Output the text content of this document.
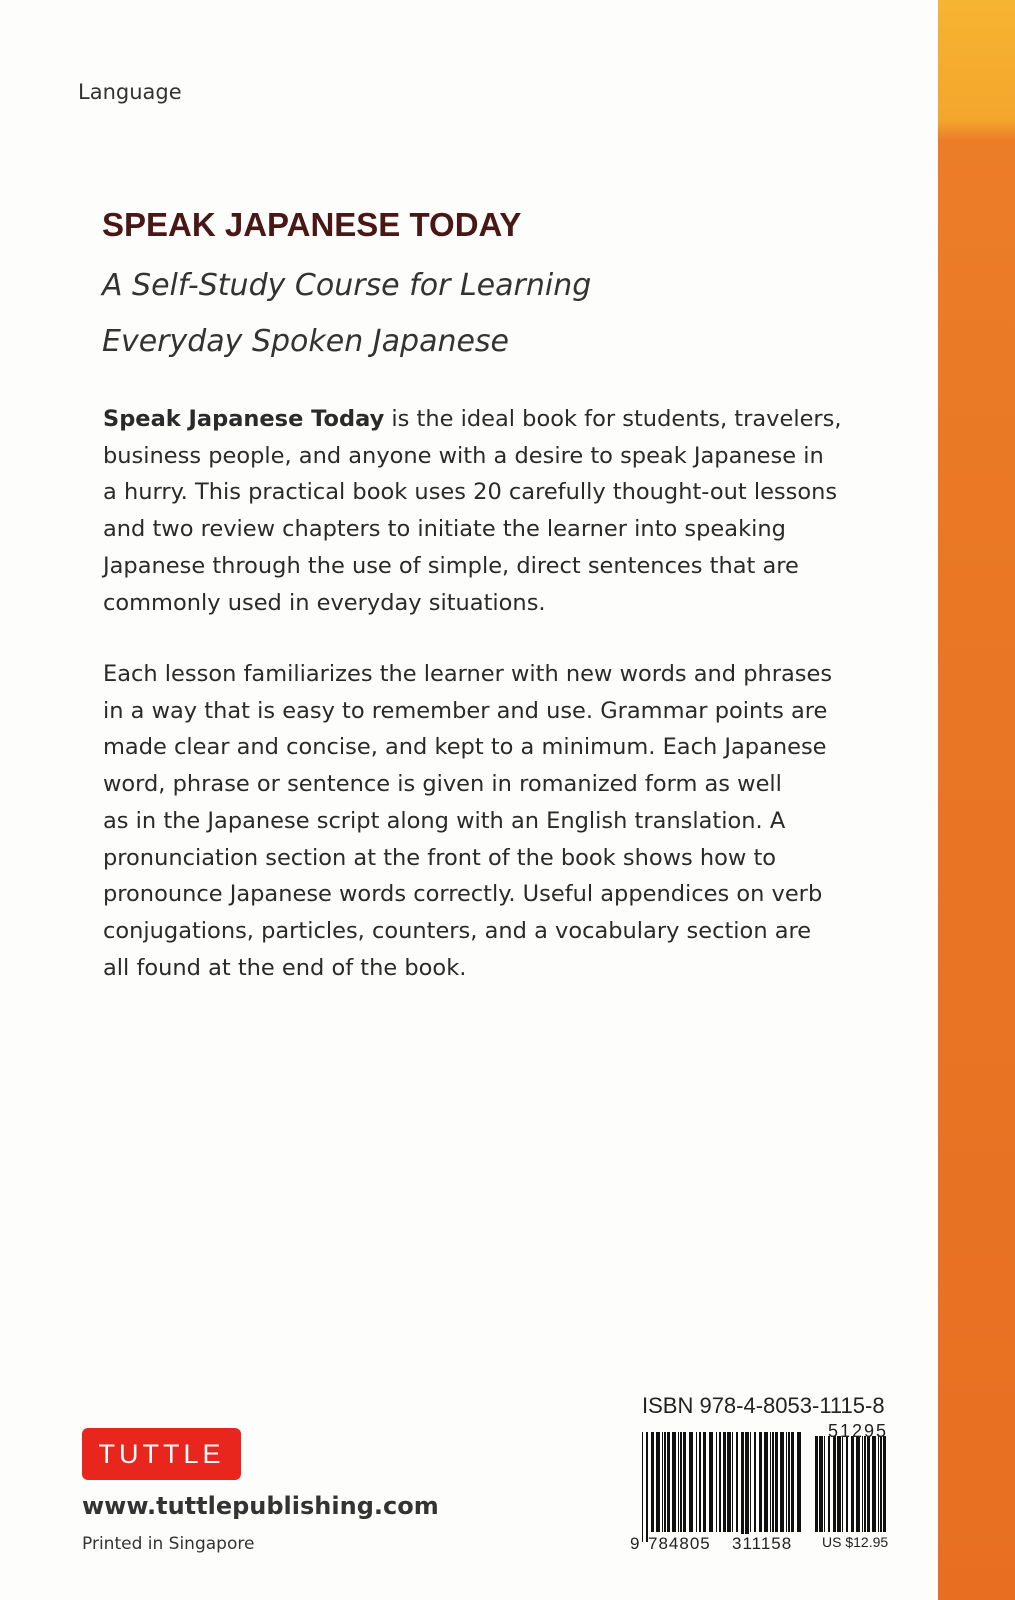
Language
SPEAK JAPANESE TODAY
A Self-Study Course for Learning
Everyday Spoken Japanese
Speak Japanese Today is the ideal book for students, travelers,
business people, and anyone with a desire to speak Japanese in
a hurry. This practical book uses 20 carefully thought-out lessons
and two review chapters to initiate the learner into speaking
Japanese through the use of simple, direct sentences that are
commonly used in everyday situations.
Each lesson familiarizes the learner with new words and phrases
in a way that is easy to remember and use. Grammar points are
made clear and concise, and kept to a minimum. Each Japanese
word, phrase or sentence is given in romanized form as well
as in the Japanese script along with an English translation. A
pronunciation section at the front of the book shows how to
pronounce Japanese words correctly. Useful appendices on verb
conjugations, particles, counters, and a vocabulary section are
all found at the end of the book.
TUTTLE
www.tuttlepublishing.com
Printed in Singapore
ISBN 978-4-8053-1115-8
51295
9 784805 311158 US $12.95
